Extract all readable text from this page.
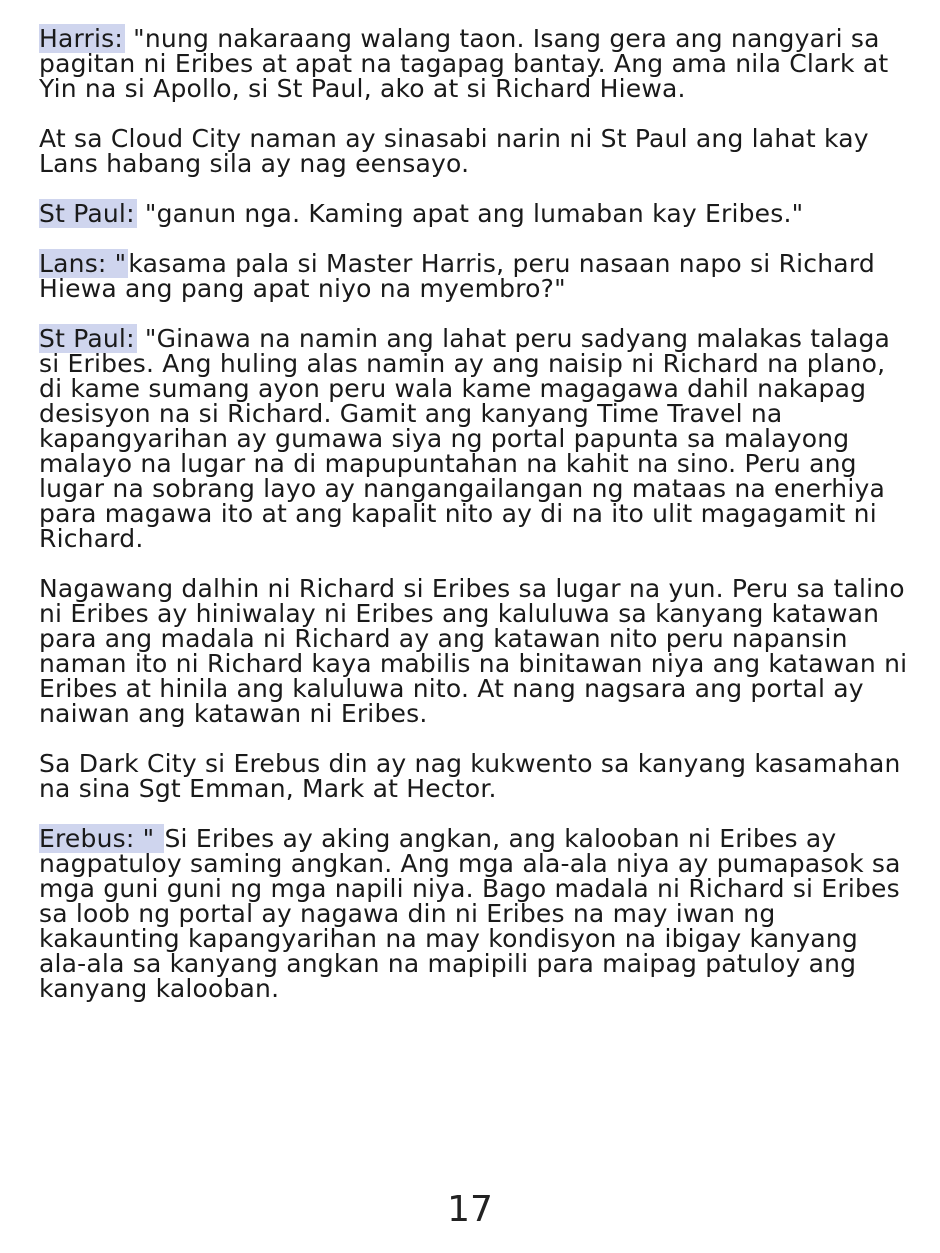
Harris: "nung nakaraang walang taon. Isang gera ang nangyari sa pagitan ni Eribes at apat na tagapag bantay. Ang ama nila Clark at Yin na si Apollo, si St Paul, ako at si Richard Hiewa.

At sa Cloud City naman ay sinasabi narin ni St Paul ang lahat kay Lans habang sila ay nag eensayo.

St Paul: "ganun nga. Kaming apat ang lumaban kay Eribes."

Lans: "kasama pala si Master Harris, peru nasaan napo si Richard Hiewa ang pang apat niyo na myembro?"

St Paul: "Ginawa na namin ang lahat peru sadyang malakas talaga si Eribes. Ang huling alas namin ay ang naisip ni Richard na plano, di kame sumang ayon peru wala kame magagawa dahil nakapag desisyon na si Richard. Gamit ang kanyang Time Travel na kapangyarihan ay gumawa siya ng portal papunta sa malayong malayo na lugar na di mapupuntahan na kahit na sino. Peru ang lugar na sobrang layo ay nangangailangan ng mataas na enerhiya para magawa ito at ang kapalit nito ay di na ito ulit magagamit ni Richard.

Nagawang dalhin ni Richard si Eribes sa lugar na yun. Peru sa talino ni Eribes ay hiniwalay ni Eribes ang kaluluwa sa kanyang katawan para ang madala ni Richard ay ang katawan nito peru napansin naman ito ni Richard kaya mabilis na binitawan niya ang katawan ni Eribes at hinila ang kaluluwa nito. At nang nagsara ang portal ay naiwan ang katawan ni Eribes.

Sa Dark City si Erebus din ay nag kukwento sa kanyang kasamahan na sina Sgt Emman, Mark at Hector.

Erebus: " Si Eribes ay aking angkan, ang kalooban ni Eribes ay nagpatuloy saming angkan. Ang mga ala-ala niya ay pumapasok sa mga guni guni ng mga napili niya. Bago madala ni Richard si Eribes sa loob ng portal ay nagawa din ni Eribes na may iwan ng kakaunting kapangyarihan na may kondisyon na ibigay kanyang ala-ala sa kanyang angkan na mapipili para maipag patuloy ang kanyang kalooban.

17
